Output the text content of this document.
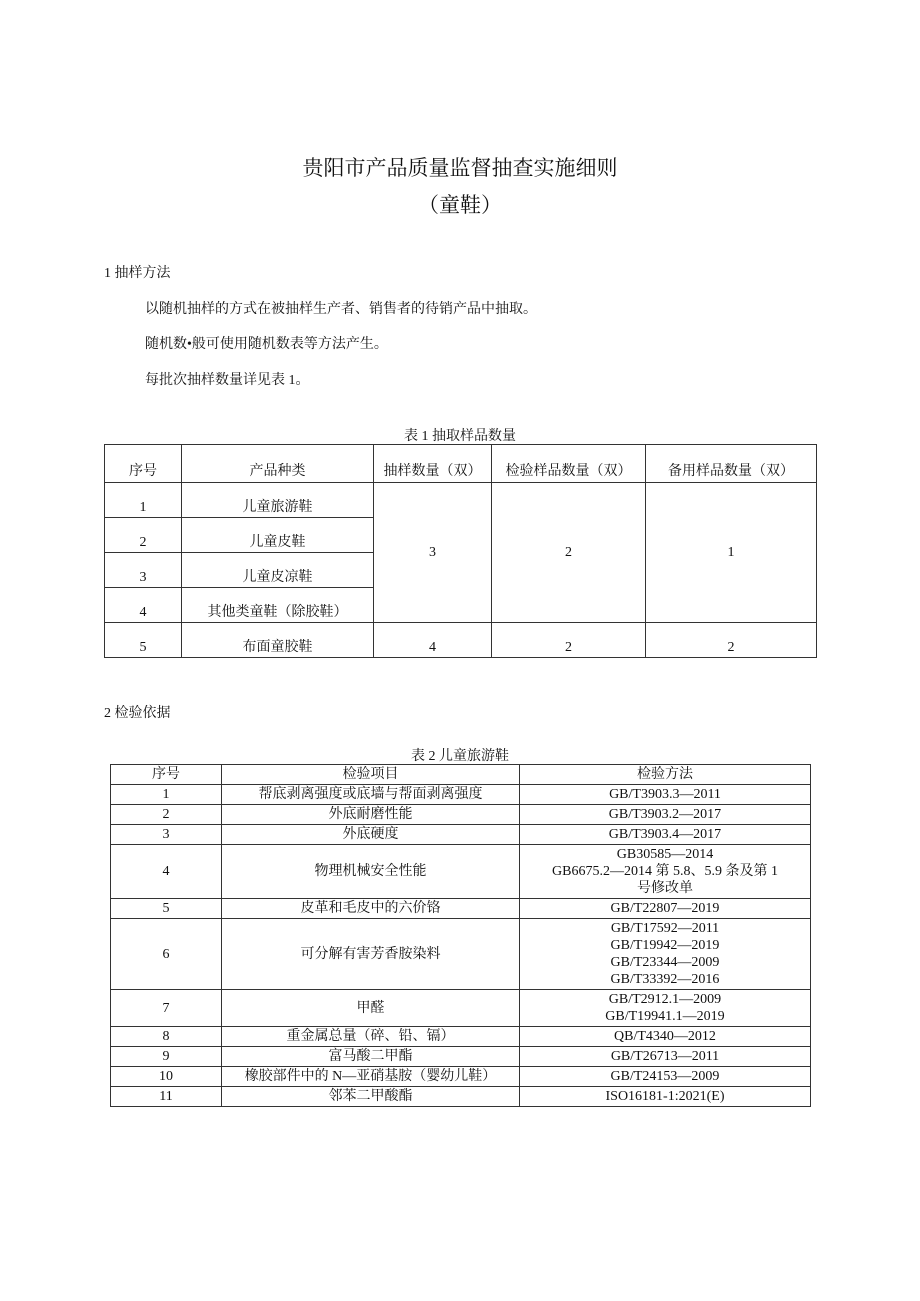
贵阳市产品质量监督抽查实施细则
（童鞋）
1 抽样方法
以随机抽样的方式在被抽样生产者、销售者的待销产品中抽取。
随机数•般可使用随机数表等方法产生。
每批次抽样数量详见表 1。
表 1 抽取样品数量
序号	产品种类	抽样数量（双）	检验样品数量（双）	备用样品数量（双）
1	儿童旅游鞋	3	2	1
2	儿童皮鞋			
3	儿童皮凉鞋			
4	其他类童鞋（除胶鞋）			
5	布面童胶鞋	4	2	2
2 检验依据
表 2 儿童旅游鞋
序号	检验项目	检验方法
1	帮底剥离强度或底墙与帮面剥离强度	GB/T3903.3—2011

2	外底耐磨性能	GB/T3903.2—2017

3	外底硬度	GB/T3903.4—2017

4	物理机械安全性能	GB30585—2014
GB6675.2—2014 第 5.8、5.9 条及第 1
号修改单

5	皮革和毛皮中的六价铬	GB/T22807—2019

6	可分解有害芳香胺染料	GB/T17592—2011
GB/T19942—2019
GB/T23344—2009
GB/T33392—2016

7	甲醛	GB/T2912.1—2009
GB/T19941.1—2019

8	重金属总量（碎、铅、镉）	QB/T4340—2012

9	富马酸二甲酯	GB/T26713—2011

10	橡胶部件中的 N—亚硝基胺（婴幼儿鞋）	GB/T24153—2009

11	邻苯二甲酸酯	ISO16181-1:2021(E)
